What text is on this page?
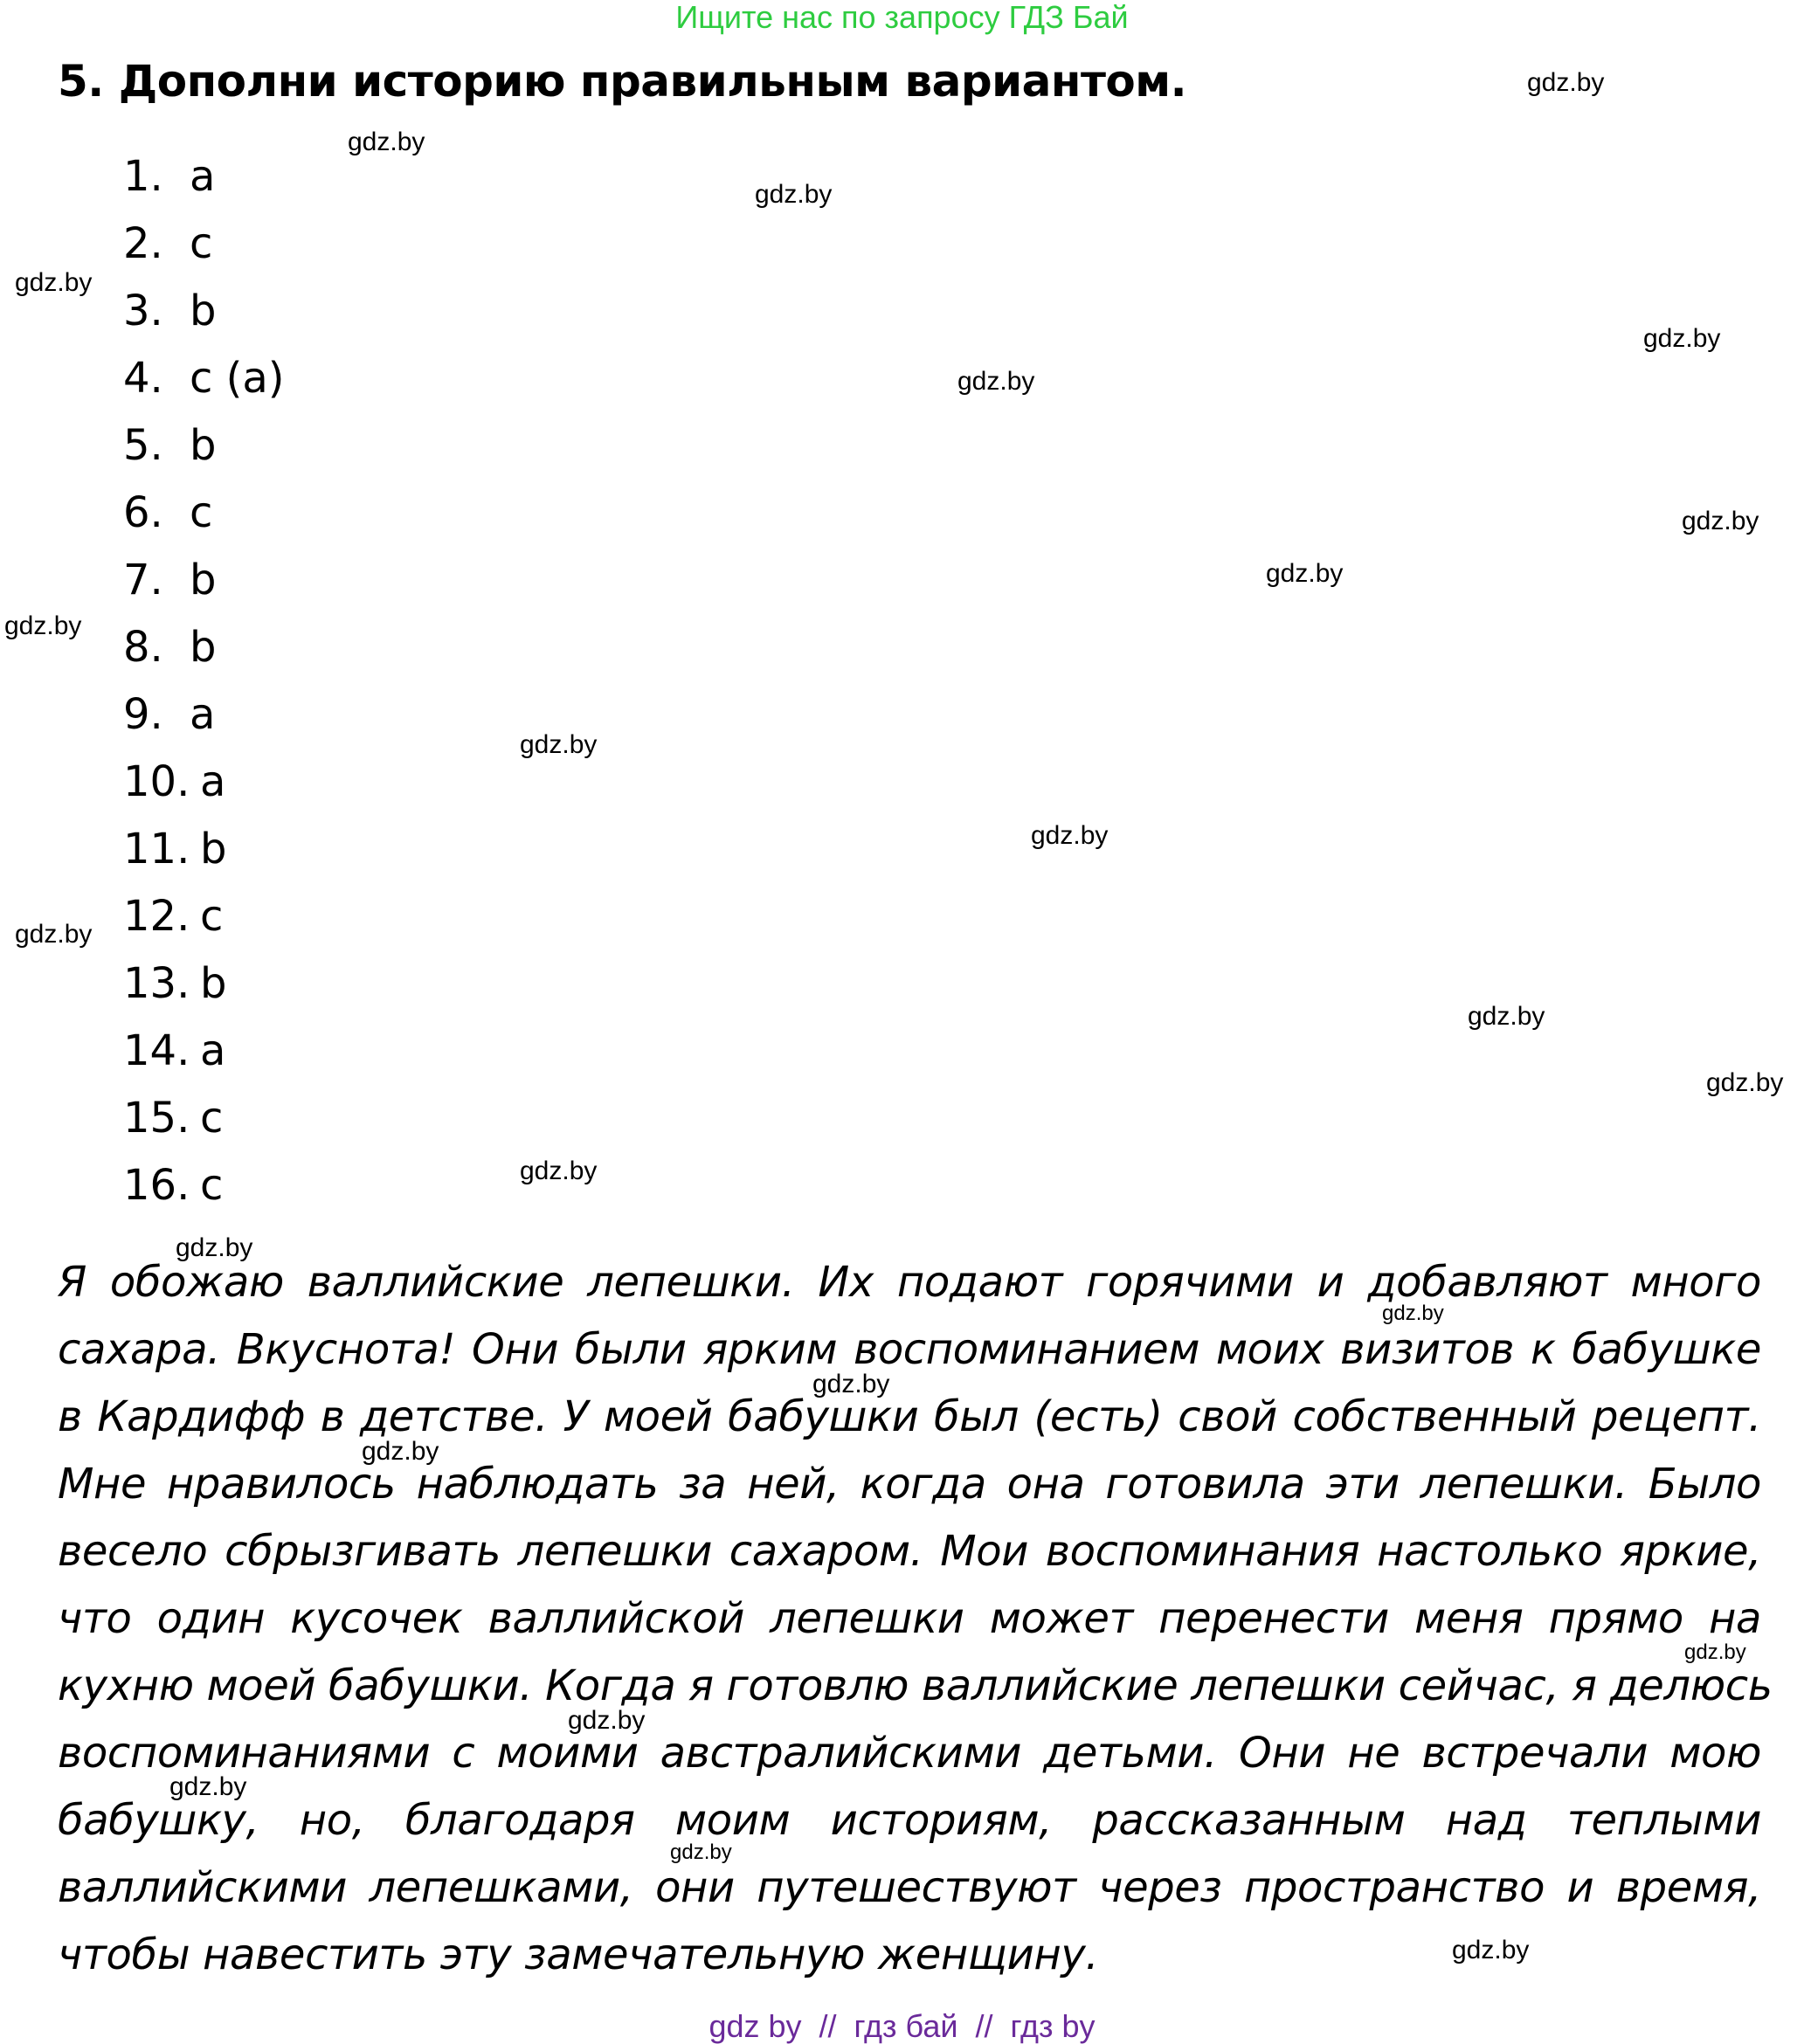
Ищите нас по запросу ГДЗ Бай
5. Дополни историю правильным вариантом.
1. a
2. c
3. b
4. c (a)
5. b
6. c
7. b
8. b
9. a
10. a
11. b
12. c
13. b
14. a
15. c
16. c
Я обожаю валлийские лепешки. Их подают горячими и добавляют много
сахара. Вкуснота! Они были ярким воспоминанием моих визитов к бабушке
в Кардифф в детстве. У моей бабушки был (есть) свой собственный рецепт.
Мне нравилось наблюдать за ней, когда она готовила эти лепешки. Было
весело сбрызгивать лепешки сахаром. Мои воспоминания настолько яркие,
что один кусочек валлийской лепешки может перенести меня прямо на
кухню моей бабушки. Когда я готовлю валлийские лепешки сейчас, я делюсь
воспоминаниями с моими австралийскими детьми. Они не встречали мою
бабушку, но, благодаря моим историям, рассказанным над теплыми
валлийскими лепешками, они путешествуют через пространство и время,
чтобы навестить эту замечательную женщину.
gdz.by
gdz.by
gdz.by
gdz.by
gdz.by
gdz.by
gdz.by
gdz.by
gdz.by
gdz.by
gdz.by
gdz.by
gdz.by
gdz.by
gdz.by
gdz.by
gdz.by
gdz.by
gdz.by
gdz.by
gdz.by
gdz.by
gdz.by
gdz.by
gdz by  //  гдз бай  //  гдз by
